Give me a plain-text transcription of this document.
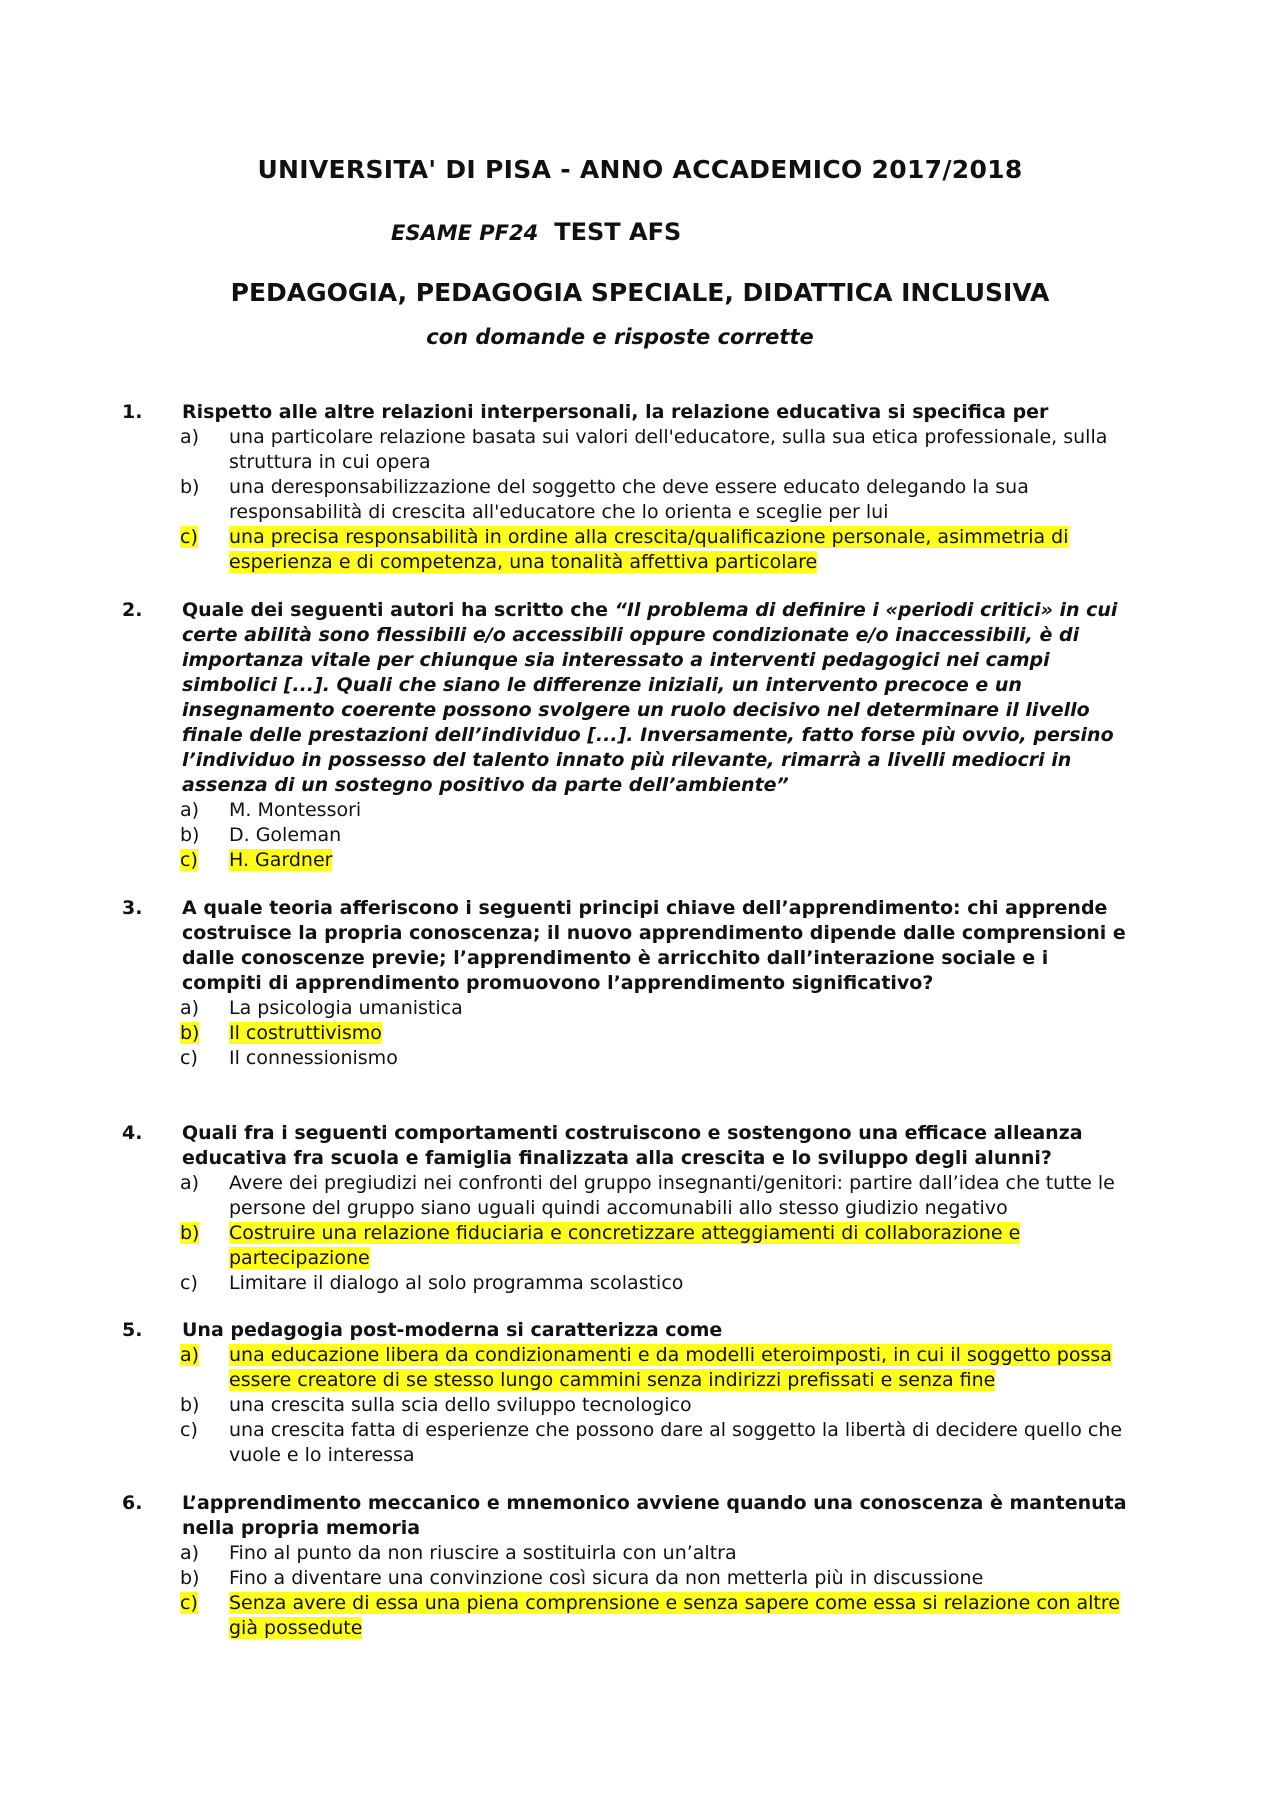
UNIVERSITA' DI PISA - ANNO ACCADEMICO 2017/2018
ESAME PF24 TEST AFS
PEDAGOGIA, PEDAGOGIA SPECIALE, DIDATTICA INCLUSIVA
con domande e risposte corrette
1. Rispetto alle altre relazioni interpersonali, la relazione educativa si specifica per
a)	una particolare relazione basata sui valori dell'educatore, sulla sua etica professionale, sulla struttura in cui opera
b)	una deresponsabilizzazione del soggetto che deve essere educato delegando la sua responsabilità di crescita all'educatore che lo orienta e sceglie per lui
c)	una precisa responsabilità in ordine alla crescita/qualificazione personale, asimmetria di esperienza e di competenza, una tonalità affettiva particolare
2. Quale dei seguenti autori ha scritto che “Il problema di definire i «periodi critici» in cui certe abilità sono flessibili e/o accessibili oppure condizionate e/o inaccessibili, è di importanza vitale per chiunque sia interessato a interventi pedagogici nei campi simbolici [...]. Quali che siano le differenze iniziali, un intervento precoce e un insegnamento coerente possono svolgere un ruolo decisivo nel determinare il livello finale delle prestazioni dell’individuo [...]. Inversamente, fatto forse più ovvio, persino l’individuo in possesso del talento innato più rilevante, rimarrà a livelli mediocri in assenza di un sostegno positivo da parte dell’ambiente”
a)	M. Montessori
b)	D. Goleman
c)	H. Gardner
3. A quale teoria afferiscono i seguenti principi chiave dell’apprendimento: chi apprende costruisce la propria conoscenza; il nuovo apprendimento dipende dalle comprensioni e dalle conoscenze previe; l’apprendimento è arricchito dall’interazione sociale e i compiti di apprendimento promuovono l’apprendimento significativo?
a)	La psicologia umanistica
b)	Il costruttivismo
c)	Il connessionismo
4. Quali fra i seguenti comportamenti costruiscono e sostengono una efficace alleanza educativa fra scuola e famiglia finalizzata alla crescita e lo sviluppo degli alunni?
a)	Avere dei pregiudizi nei confronti del gruppo insegnanti/genitori: partire dall’idea che tutte le persone del gruppo siano uguali quindi accomunabili allo stesso giudizio negativo
b)	Costruire una relazione fiduciaria e concretizzare atteggiamenti di collaborazione e partecipazione
c)	Limitare il dialogo al solo programma scolastico
5. Una pedagogia post-moderna si caratterizza come
a)	una educazione libera da condizionamenti e da modelli eteroimposti, in cui il soggetto possa essere creatore di se stesso lungo cammini senza indirizzi prefissati e senza fine
b)	una crescita sulla scia dello sviluppo tecnologico
c)	una crescita fatta di esperienze che possono dare al soggetto la libertà di decidere quello che vuole e lo interessa
6. L’apprendimento meccanico e mnemonico avviene quando una conoscenza è mantenuta nella propria memoria
a)	Fino al punto da non riuscire a sostituirla con un’altra
b)	Fino a diventare una convinzione così sicura da non metterla più in discussione
c)	Senza avere di essa una piena comprensione e senza sapere come essa si relazione con altre già possedute
